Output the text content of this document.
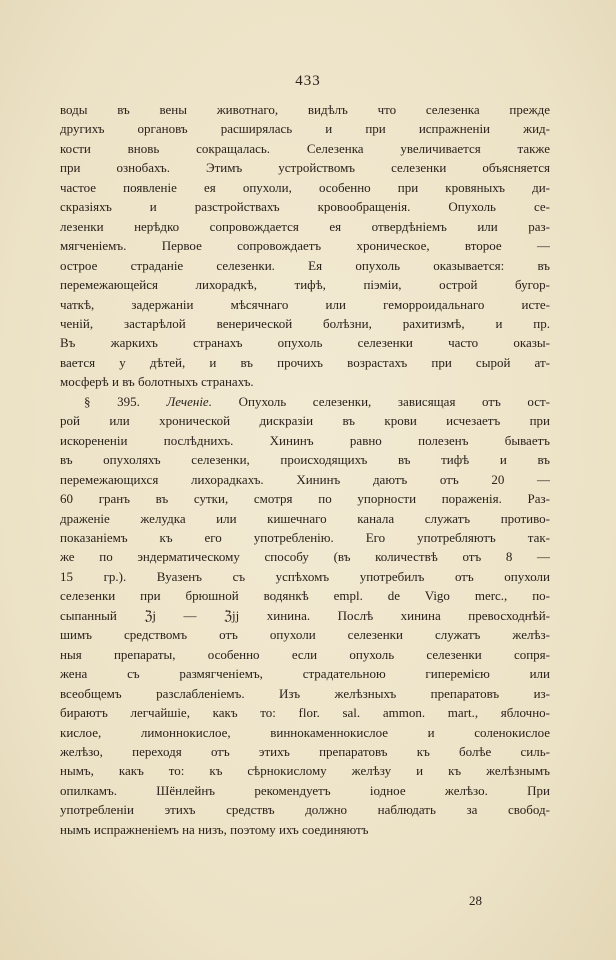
433
воды въ вены животнаго, видѣлъ что селезенка прежде
другихъ органовъ расширялась и при испражненіи жид-
кости вновь сокращалась. Селезенка увеличивается также
при ознобахъ. Этимъ устройствомъ селезенки объясняется
частое появленіе ея опухоли, особенно при кровяныхъ ди-
скразіяхъ и разстройствахъ кровообращенія. Опухоль се-
лезенки нерѣдко сопровождается ея отвердѣніемъ или раз-
мягченіемъ. Первое сопровождаетъ хроническое, второе —
острое страданіе селезенки. Ея опухоль оказывается: въ
перемежающейся лихорадкѣ, тифѣ, піэміи, острой бугор-
чаткѣ, задержаніи мѣсячнаго или геморроидальнаго исте-
ченій, застарѣлой венерической болѣзни, рахитизмѣ, и пр.
Въ жаркихъ странахъ опухоль селезенки часто оказы-
вается у дѣтей, и въ прочихъ возрастахъ при сырой ат-
мосферѣ и въ болотныхъ странахъ.
§ 395. Леченіе. Опухоль селезенки, зависящая отъ ост-
рой или хронической дискразіи въ крови исчезаетъ при
искорененіи послѣднихъ. Хининъ равно полезенъ бываетъ
въ опухоляхъ селезенки, происходящихъ въ тифѣ и въ
перемежающихся лихорадкахъ. Хининъ даютъ отъ 20 —
60 гранъ въ сутки, смотря по упорности пораженія. Раз-
драженіе желудка или кишечнаго канала служатъ противо-
показаніемъ къ его употребленію. Его употребляютъ так-
же по эндерматическому способу (въ количествѣ отъ 8 —
15 гр.). Вуазенъ съ успѣхомъ употребилъ отъ опухоли
селезенки при брюшной водянкѣ empl. de Vigo merc., по-
сыпанный ℨj — ℨjj хинина. Послѣ хинина превосходнѣй-
шимъ средствомъ отъ опухоли селезенки служатъ желѣз-
ныя препараты, особенно если опухоль селезенки сопря-
жена съ размягченіемъ, страдательною гиперемією или
всеобщемъ разслабленіемъ. Изъ желѣзныхъ препаратовъ из-
бираютъ легчайшіе, какъ то: flor. sal. ammon. mart., яблочно-
кислое, лимоннокислое, виннокаменнокислое и соленокислое
желѣзо, переходя отъ этихъ препаратовъ къ болѣе силь-
нымъ, какъ то: къ сѣрнокислому желѣзу и къ желѣзнымъ
опилкамъ. Шёнлейнъ рекомендуетъ іодное желѣзо. При
употребленіи этихъ средствъ должно наблюдать за свобод-
нымъ испражненіемъ на низъ, поэтому ихъ соединяютъ
28
